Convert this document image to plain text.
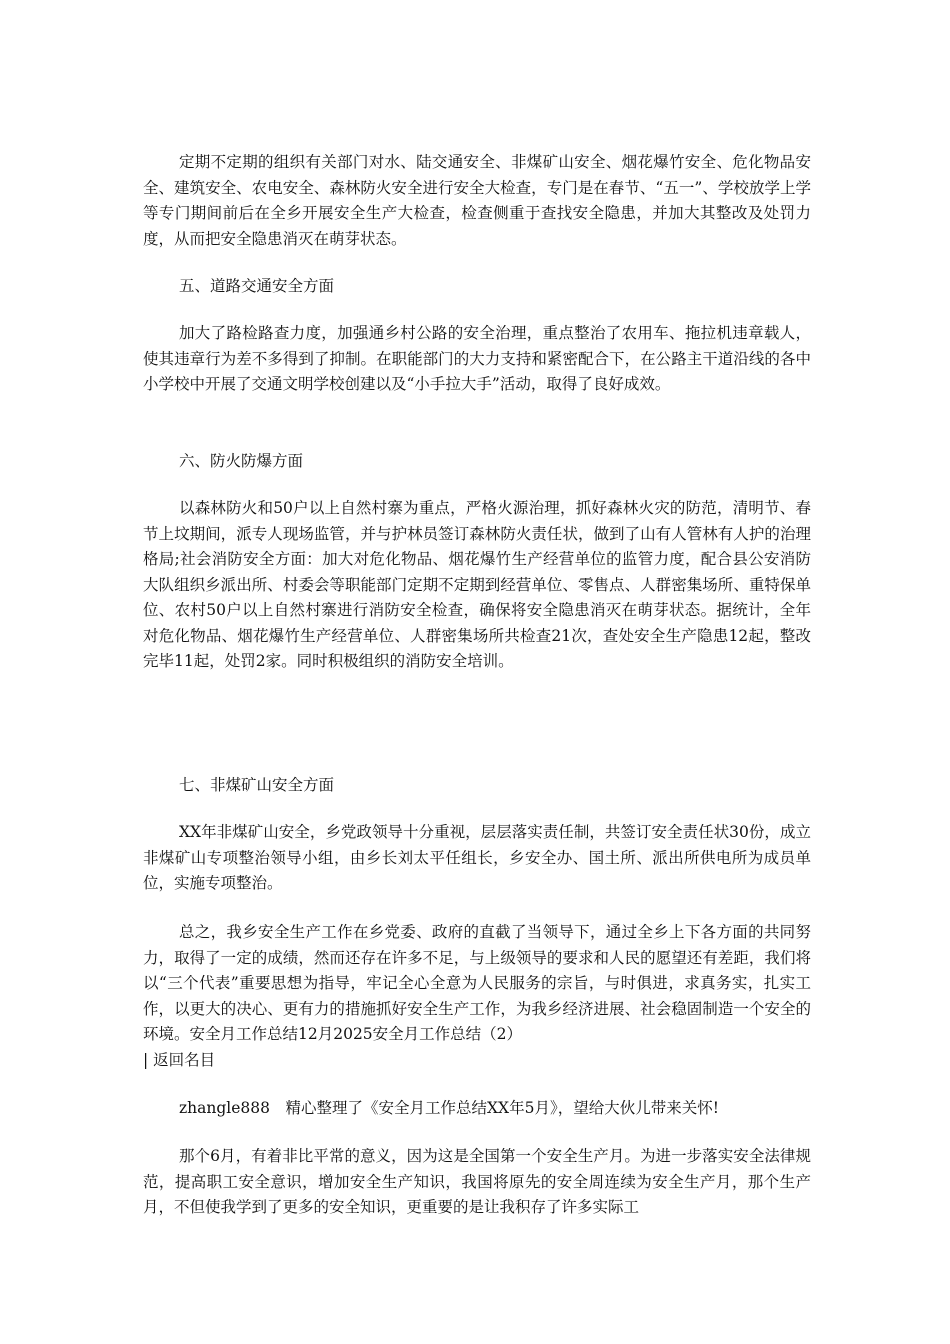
定期不定期的组织有关部门对水、陆交通安全、非煤矿山安全、烟花爆竹安全、危化物品安全、建筑安全、农电安全、森林防火安全进行安全大检查，专门是在春节、“五一”、学校放学上学等专门期间前后在全乡开展安全生产大检查，检查侧重于查找安全隐患，并加大其整改及处罚力度，从而把安全隐患消灭在萌芽状态。

五、道路交通安全方面

加大了路检路查力度，加强通乡村公路的安全治理，重点整治了农用车、拖拉机违章载人，使其违章行为差不多得到了抑制。在职能部门的大力支持和紧密配合下，在公路主干道沿线的各中小学校中开展了交通文明学校创建以及“小手拉大手”活动，取得了良好成效。

六、防火防爆方面

以森林防火和50户以上自然村寨为重点，严格火源治理，抓好森林火灾的防范，清明节、春节上坟期间，派专人现场监管，并与护林员签订森林防火责任状，做到了山有人管林有人护的治理格局;社会消防安全方面：加大对危化物品、烟花爆竹生产经营单位的监管力度，配合县公安消防大队组织乡派出所、村委会等职能部门定期不定期到经营单位、零售点、人群密集场所、重特保单位、农村50户以上自然村寨进行消防安全检查，确保将安全隐患消灭在萌芽状态。据统计，全年对危化物品、烟花爆竹生产经营单位、人群密集场所共检查21次，查处安全生产隐患12起，整改完毕11起，处罚2家。同时积极组织的消防安全培训。

七、非煤矿山安全方面

XX年非煤矿山安全，乡党政领导十分重视，层层落实责任制，共签订安全责任状30份，成立非煤矿山专项整治领导小组，由乡长刘太平任组长，乡安全办、国土所、派出所供电所为成员单位，实施专项整治。

总之，我乡安全生产工作在乡党委、政府的直截了当领导下，通过全乡上下各方面的共同努力，取得了一定的成绩，然而还存在许多不足，与上级领导的要求和人民的愿望还有差距，我们将以“三个代表”重要思想为指导，牢记全心全意为人民服务的宗旨，与时俱进，求真务实，扎实工作，以更大的决心、更有力的措施抓好安全生产工作，为我乡经济进展、社会稳固制造一个安全的环境。安全月工作总结12月2025安全月工作总结（2）

| 返回名目

zhangle888　精心整理了《安全月工作总结XX年5月》，望给大伙儿带来关怀!

那个6月，有着非比平常的意义，因为这是全国第一个安全生产月。为进一步落实安全法律规范，提高职工安全意识，增加安全生产知识，我国将原先的安全周连续为安全生产月，那个生产月，不但使我学到了更多的安全知识，更重要的是让我积存了许多实际工
